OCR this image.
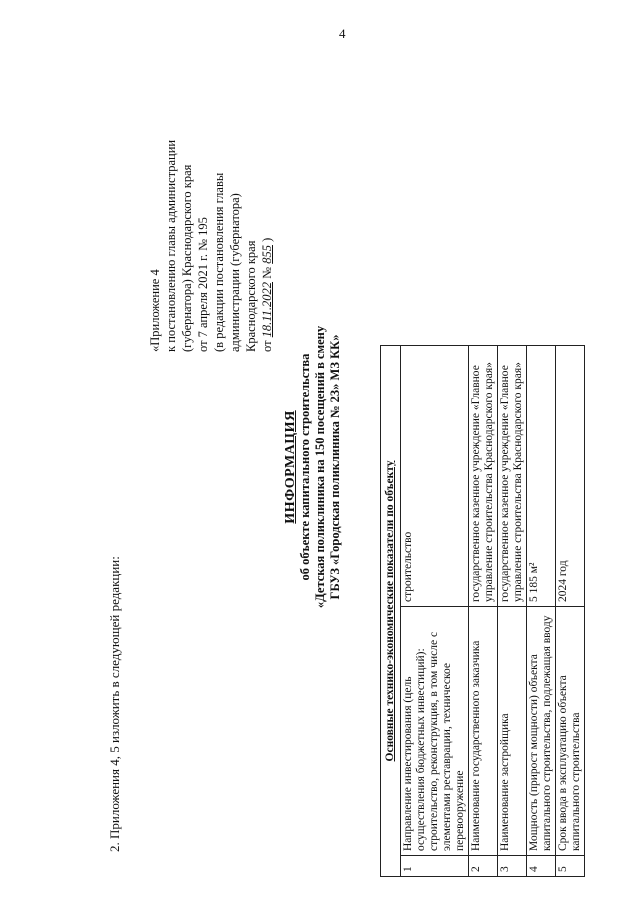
4
2. Приложения 4, 5 изложить в следующей редакции:
«Приложение 4 к постановлению главы администрации (губернатора) Краснодарского края от 7 апреля 2021 г. № 195 (в редакции постановления главы администрации (губернатора) Краснодарского края от 18.11.2022 № 855 )
ИНФОРМАЦИЯ об объекте капитального строительства «Детская поликлиника на 150 посещений в смену ГБУЗ «Городская поликлиника № 23» МЗ КК»	Основные технико-экономические показатели по объекту		
1	Направление инвестирования (цель осуществления бюджетных инвестиций): строительство, реконструкция, в том числе с элементами реставрации, техническое перевооружение	строительство
2	Наименование государственного заказчика	государственное казенное учреждение «Главное управление строительства Краснодарского края»
3	Наименование застройщика	государственное казенное учреждение «Главное управление строительства Краснодарского края»
4	Мощность (прирост мощности) объекта капитального строительства, подлежащая вводу	5 185 м²
5	Срок ввода в эксплуатацию объекта капитального строительства	2024 год
